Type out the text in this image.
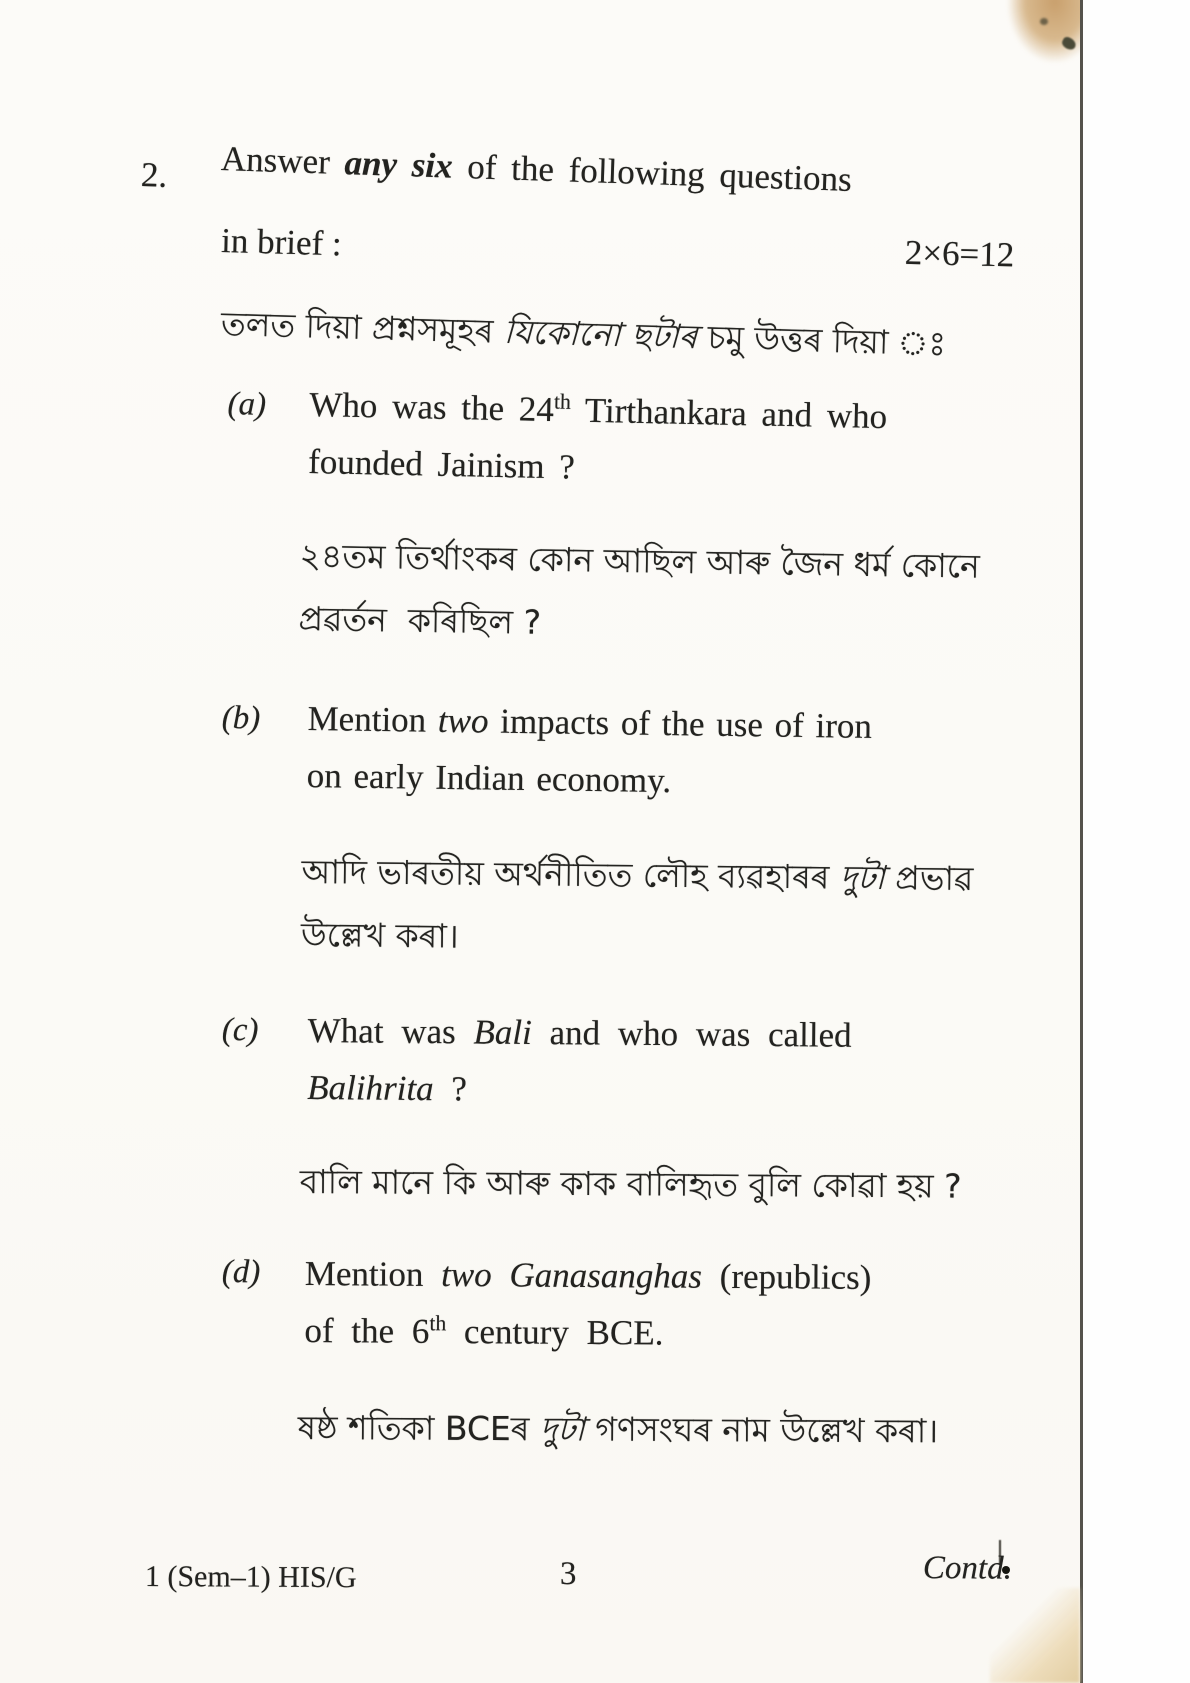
2. Answer any six of the following questions
in brief :	2×6=12
তলত দিয়া প্ৰশ্নসমূহৰ যিকোনো ছটাৰ চমু উত্তৰ দিয়া ঃ
(a) Who was the 24th Tirthankara and who
founded Jainism ?
২৪তম তিৰ্থাংকৰ কোন আছিল আৰু জৈন ধৰ্ম কোনে
প্ৰৱৰ্তন  কৰিছিল ?
(b) Mention two impacts of the use of iron
on early Indian economy.
আদি ভাৰতীয় অৰ্থনীতিত লৌহ ব্যৱহাৰৰ দুটা প্ৰভাৱ
উল্লেখ কৰা।
(c) What was Bali and who was called
Balihrita ?
বালি মানে কি আৰু কাক বালিহৃত বুলি কোৱা হয় ?
(d) Mention two Ganasanghas (republics)
of the 6th century BCE.
ষষ্ঠ শতিকা BCEৰ দুটা গণসংঘৰ নাম উল্লেখ কৰা।
1 (Sem–1) HIS/G	3	Contd.
